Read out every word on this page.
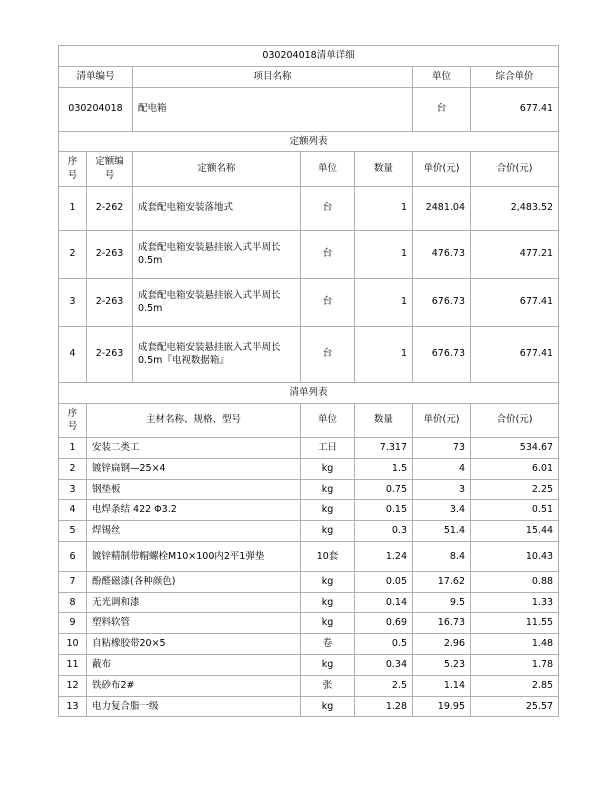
030204018清单详细						
清单编号		项目名称			单位	综合单价
030204018		配电箱			台	677.41
定额列表						
序号	定额编号	定额名称	单位	数量	单价(元)	合价(元)
1	2-262	成套配电箱安装落地式	台	1	2481.04	2,483.52
2	2-263	成套配电箱安装悬挂嵌入式半周长0.5m	台	1	476.73	477.21
3	2-263	成套配电箱安装悬挂嵌入式半周长0.5m	台	1	676.73	677.41
4	2-263	成套配电箱安装悬挂嵌入式半周长0.5m『电视数据箱』	台	1	676.73	677.41
清单列表						
序号	主材名称、规格、型号		单位	数量	单价(元)	合价(元)
1	安装二类工		工日	7.317	73	534.67
2	镀锌扁钢—25×4		kg	1.5	4	6.01
3	钢垫板		kg	0.75	3	2.25
4	电焊条结 422 Φ3.2		kg	0.15	3.4	0.51
5	焊锡丝		kg	0.3	51.4	15.44
6	镀锌精制带帽螺栓M10×100内2平1弹垫		10套	1.24	8.4	10.43
7	酚醛磁漆(各种颜色)		kg	0.05	17.62	0.88
8	无光调和漆		kg	0.14	9.5	1.33
9	塑料软管		kg	0.69	16.73	11.55
10	自粘橡胶带20×5		卷	0.5	2.96	1.48
11	蔽布		kg	0.34	5.23	1.78
12	铁砂布2#		张	2.5	1.14	2.85
13	电力复合脂一级		kg	1.28	19.95	25.57
